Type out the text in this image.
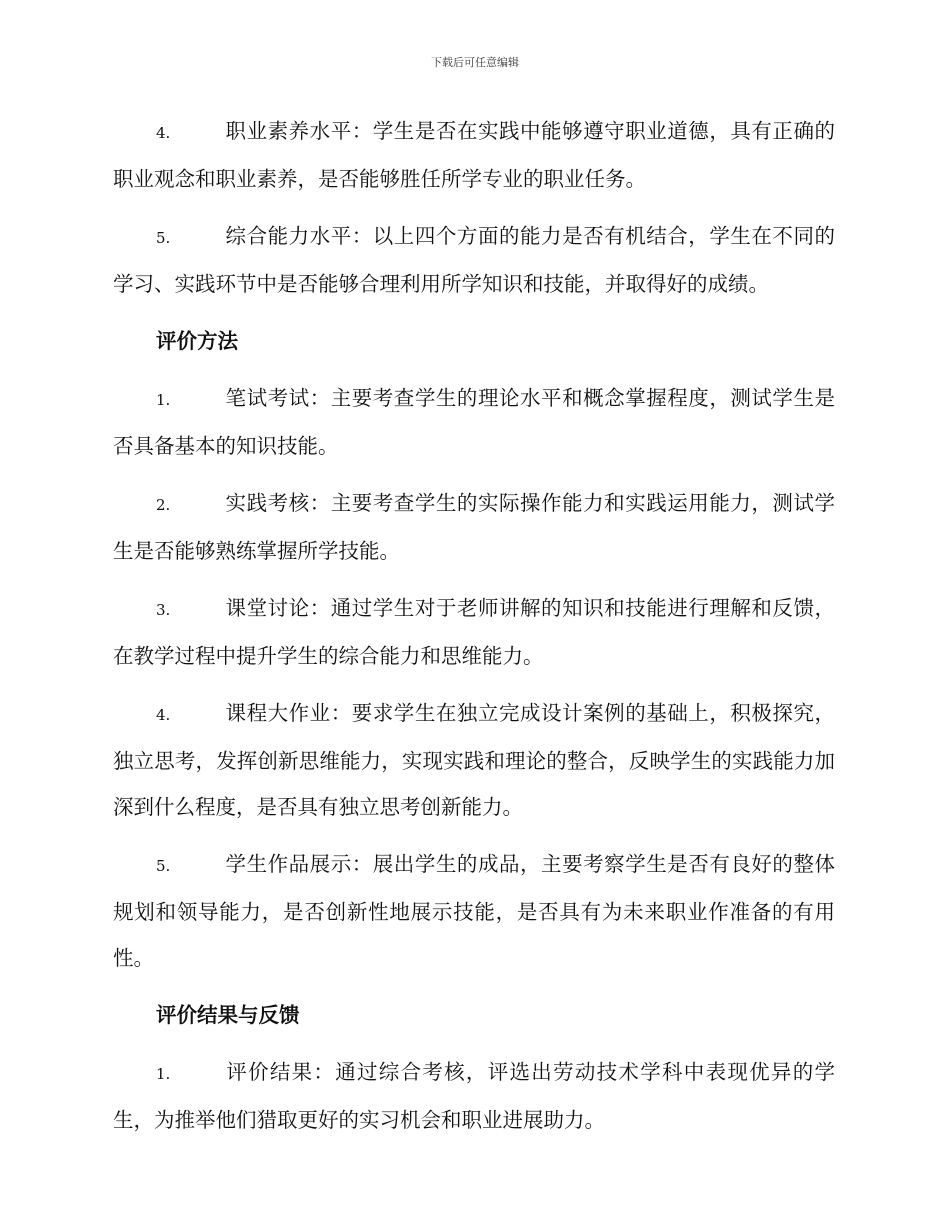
下载后可任意编辑

4.	职业素养水平：学生是否在实践中能够遵守职业道德，具有正确的职业观念和职业素养，是否能够胜任所学专业的职业任务。

5.	综合能力水平：以上四个方面的能力是否有机结合，学生在不同的学习、实践环节中是否能够合理利用所学知识和技能，并取得好的成绩。

评价方法

1.	笔试考试：主要考查学生的理论水平和概念掌握程度，测试学生是否具备基本的知识技能。

2.	实践考核：主要考查学生的实际操作能力和实践运用能力，测试学生是否能够熟练掌握所学技能。

3.	课堂讨论：通过学生对于老师讲解的知识和技能进行理解和反馈，在教学过程中提升学生的综合能力和思维能力。

4.	课程大作业：要求学生在独立完成设计案例的基础上，积极探究，独立思考，发挥创新思维能力，实现实践和理论的整合，反映学生的实践能力加深到什么程度，是否具有独立思考创新能力。

5.	学生作品展示：展出学生的成品，主要考察学生是否有良好的整体规划和领导能力，是否创新性地展示技能，是否具有为未来职业作准备的有用性。

评价结果与反馈

1.	评价结果：通过综合考核，评选出劳动技术学科中表现优异的学生，为推举他们猎取更好的实习机会和职业进展助力。
